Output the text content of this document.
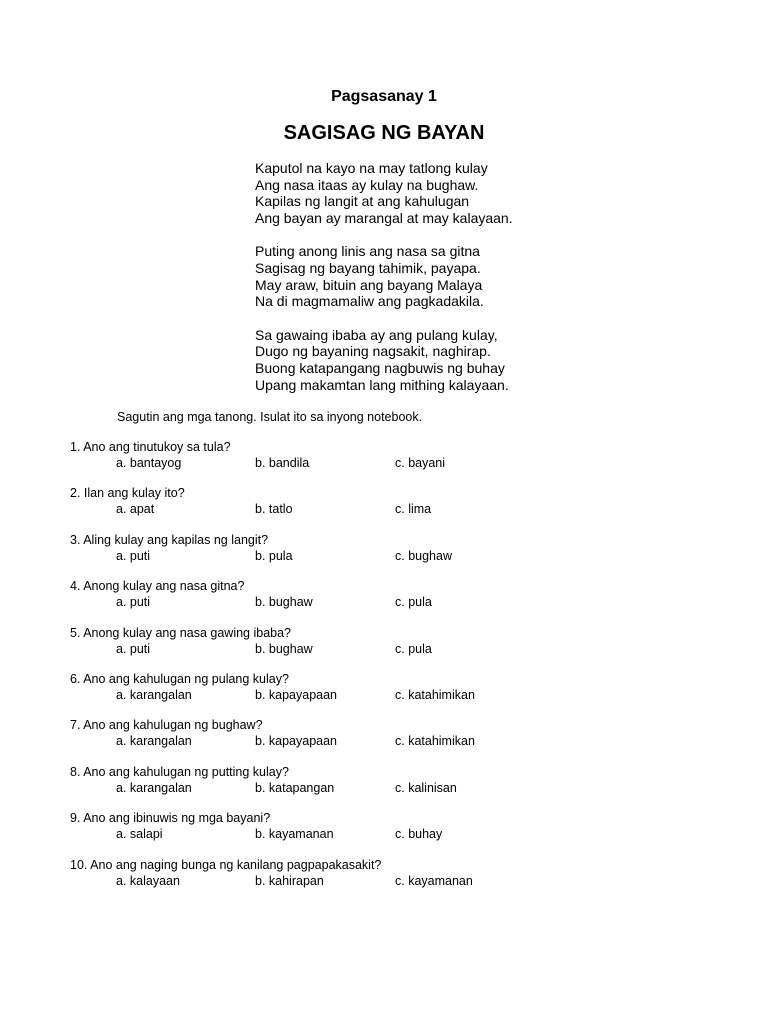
Pagsasanay 1
SAGISAG NG BAYAN
Kaputol na kayo na may tatlong kulay
Ang nasa itaas ay kulay na bughaw.
Kapilas ng langit at ang kahulugan
Ang bayan ay marangal at may kalayaan.
Puting anong linis ang nasa sa gitna
Sagisag ng bayang tahimik, payapa.
May araw, bituin ang bayang Malaya
Na di magmamaliw ang pagkadakila.
Sa gawaing ibaba ay ang pulang kulay,
Dugo ng bayaning nagsakit, naghirap.
Buong katapangang nagbuwis ng buhay
Upang makamtan lang mithing kalayaan.
Sagutin ang mga tanong. Isulat ito sa inyong notebook.
1. Ano ang tinutukoy sa tula?
a. bantayog	b. bandila	c. bayani
2. Ilan ang kulay ito?
a. apat	b. tatlo	c. lima
3. Aling kulay ang kapilas ng langit?
a. puti	b. pula	c. bughaw
4. Anong kulay ang nasa gitna?
a. puti	b. bughaw	c. pula
5. Anong kulay ang nasa gawing ibaba?
a. puti	b. bughaw	c. pula
6. Ano ang kahulugan ng pulang kulay?
a. karangalan	b. kapayapaan	c. katahimikan
7. Ano ang kahulugan ng bughaw?
a. karangalan	b. kapayapaan	c. katahimikan
8. Ano ang kahulugan ng putting kulay?
a. karangalan	b. katapangan	c. kalinisan
9. Ano ang ibinuwis ng mga bayani?
a. salapi	b. kayamanan	c. buhay
10. Ano ang naging bunga ng kanilang pagpapakasakit?
a. kalayaan	b. kahirapan	c. kayamanan
